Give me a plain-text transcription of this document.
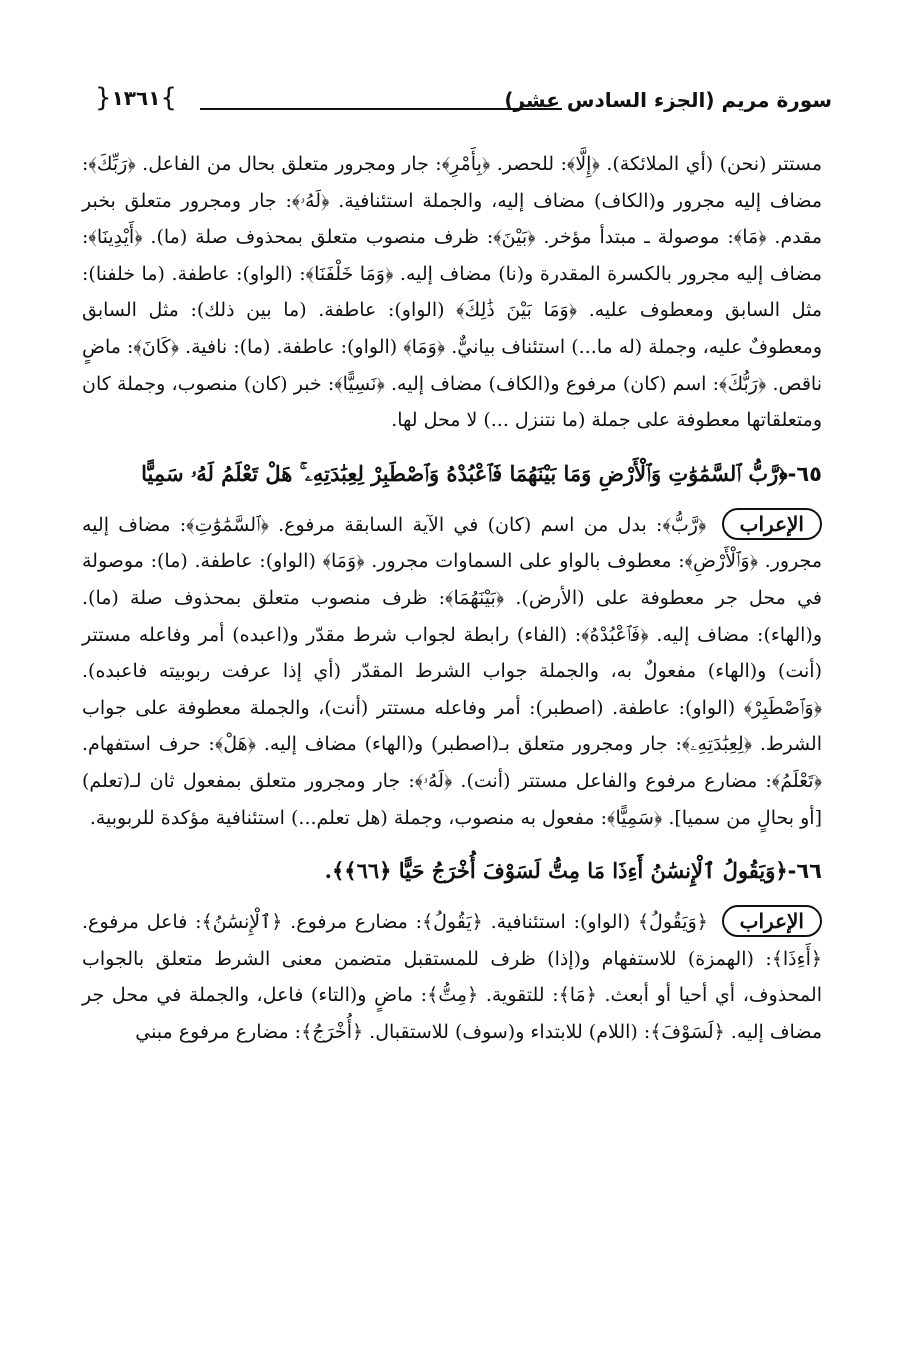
سورة مريم (الجزء السادس عشر)
}
١٣٦١
{

مستتر (نحن) (أي الملائكة). ﴿إِلَّا﴾: للحصر. ﴿بِأَمْرِ﴾: جار ومجرور متعلق بحال من الفاعل. ﴿رَبِّكَ﴾: مضاف إليه مجرور و(الكاف) مضاف إليه، والجملة استئنافية. ﴿لَهُۥ﴾: جار ومجرور متعلق بخبر مقدم. ﴿مَا﴾: موصولة ـ مبتدأ مؤخر. ﴿بَيْنَ﴾: ظرف منصوب متعلق بمحذوف صلة (ما). ﴿أَيْدِينَا﴾: مضاف إليه مجرور بالكسرة المقدرة و(نا) مضاف إليه. ﴿وَمَا خَلْفَنَا﴾: (الواو): عاطفة. (ما خلفنا): مثل السابق ومعطوف عليه. ﴿وَمَا بَيْنَ ذَٰلِكَ﴾ (الواو): عاطفة. (ما بين ذلك): مثل السابق ومعطوفٌ عليه، وجملة (له ما...) استئناف بيانيٌّ. ﴿وَمَا﴾ (الواو): عاطفة. (ما): نافية. ﴿كَانَ﴾: ماضٍ ناقص. ﴿رَبُّكَ﴾: اسم (كان) مرفوع و(الكاف) مضاف إليه. ﴿نَسِيًّا﴾: خبر (كان) منصوب، وجملة كان ومتعلقاتها معطوفة على جملة (ما نتنزل ...) لا محل لها.

٦٥-﴿رَّبُّ ٱلسَّمَٰوَٰتِ وَٱلْأَرْضِ وَمَا بَيْنَهُمَا فَٱعْبُدْهُ وَٱصْطَبِرْ لِعِبَٰدَتِهِۦ ۚ هَلْ تَعْلَمُ لَهُۥ سَمِيًّا

الإعراب ﴿رَّبُّ﴾: بدل من اسم (كان) في الآية السابقة مرفوع. ﴿ٱلسَّمَٰوَٰتِ﴾: مضاف إليه مجرور. ﴿وَٱلْأَرْضِ﴾: معطوف بالواو على السماوات مجرور. ﴿وَمَا﴾ (الواو): عاطفة. (ما): موصولة في محل جر معطوفة على (الأرض). ﴿بَيْنَهُمَا﴾: ظرف منصوب متعلق بمحذوف صلة (ما). و(الهاء): مضاف إليه. ﴿فَٱعْبُدْهُ﴾: (الفاء) رابطة لجواب شرط مقدّر و(اعبده) أمر وفاعله مستتر (أنت) و(الهاء) مفعولٌ به، والجملة جواب الشرط المقدّر (أي إذا عرفت ربوبيته فاعبده). ﴿وَٱصْطَبِرْ﴾ (الواو): عاطفة. (اصطبر): أمر وفاعله مستتر (أنت)، والجملة معطوفة على جواب الشرط. ﴿لِعِبَٰدَتِهِۦ﴾: جار ومجرور متعلق بـ(اصطبر) و(الهاء) مضاف إليه. ﴿هَلْ﴾: حرف استفهام. ﴿تَعْلَمُ﴾: مضارع مرفوع والفاعل مستتر (أنت). ﴿لَهُۥ﴾: جار ومجرور متعلق بمفعول ثان لـ(تعلم) [أو بحالٍ من سميا]. ﴿سَمِيًّا﴾: مفعول به منصوب، وجملة (هل تعلم...) استئنافية مؤكدة للربوبية.

٦٦-﴿وَيَقُولُ ٱلْإِنسَٰنُ أَءِذَا مَا مِتُّ لَسَوْفَ أُخْرَجُ حَيًّا ﴿٦٦﴾﴾.

الإعراب ﴿وَيَقُولُ﴾ (الواو): استئنافية. ﴿يَقُولُ﴾: مضارع مرفوع. ﴿ٱلْإِنسَٰنُ﴾: فاعل مرفوع. ﴿أَءِذَا﴾: (الهمزة) للاستفهام و(إذا) ظرف للمستقبل متضمن معنى الشرط متعلق بالجواب المحذوف، أي أحيا أو أبعث. ﴿مَا﴾: للتقوية. ﴿مِتُّ﴾: ماضٍ و(التاء) فاعل، والجملة في محل جر مضاف إليه. ﴿لَسَوْفَ﴾: (اللام) للابتداء و(سوف) للاستقبال. ﴿أُخْرَجُ﴾: مضارع مرفوع مبني
